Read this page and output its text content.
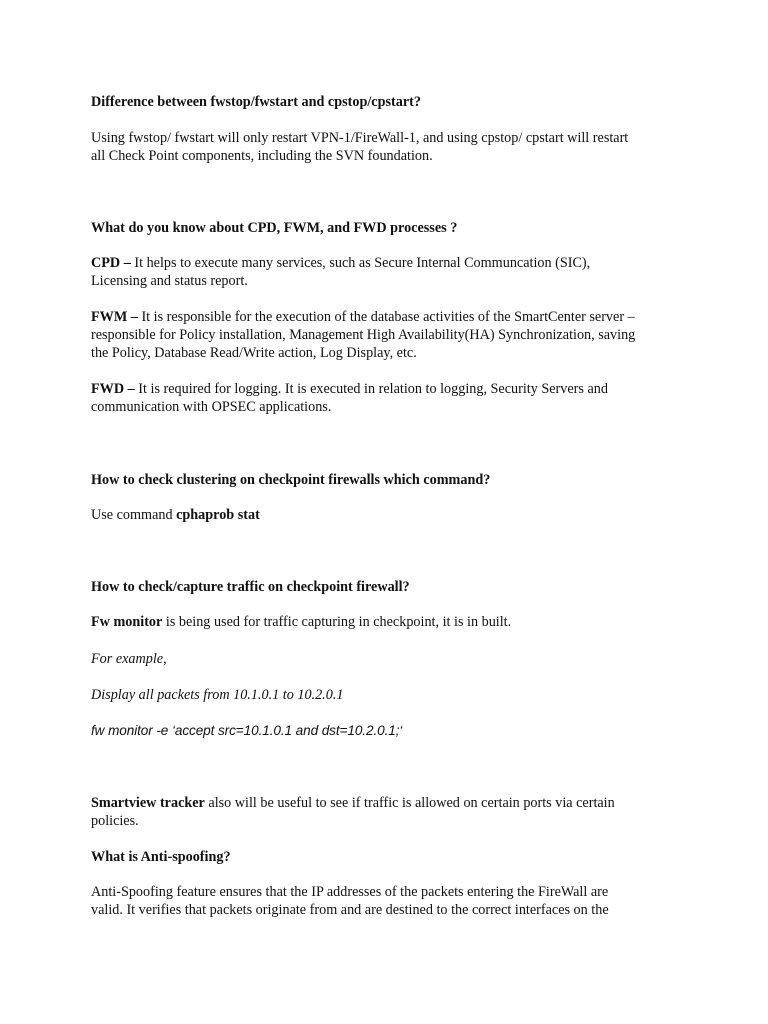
Difference between fwstop/fwstart and cpstop/cpstart?

Using fwstop/ fwstart will only restart VPN-1/FireWall-1, and using cpstop/ cpstart will restart
all Check Point components, including the SVN foundation.

What do you know about CPD, FWM, and FWD processes ?

CPD – It helps to execute many services, such as Secure Internal Communcation (SIC),
Licensing and status report.

FWM – It is responsible for the execution of the database activities of the SmartCenter server –
responsible for Policy installation, Management High Availability(HA) Synchronization, saving
the Policy, Database Read/Write action, Log Display, etc.

FWD – It is required for logging. It is executed in relation to logging, Security Servers and
communication with OPSEC applications.

How to check clustering on checkpoint firewalls which command?

Use command cphaprob stat

How to check/capture traffic on checkpoint firewall?

Fw monitor is being used for traffic capturing in checkpoint, it is in built.

For example,

Display all packets from 10.1.0.1 to 10.2.0.1

fw monitor -e ‘accept src=10.1.0.1 and dst=10.2.0.1;‘

Smartview tracker also will be useful to see if traffic is allowed on certain ports via certain
policies.

What is Anti-spoofing?

Anti-Spoofing feature ensures that the IP addresses of the packets entering the FireWall are
valid. It verifies that packets originate from and are destined to the correct interfaces on the
